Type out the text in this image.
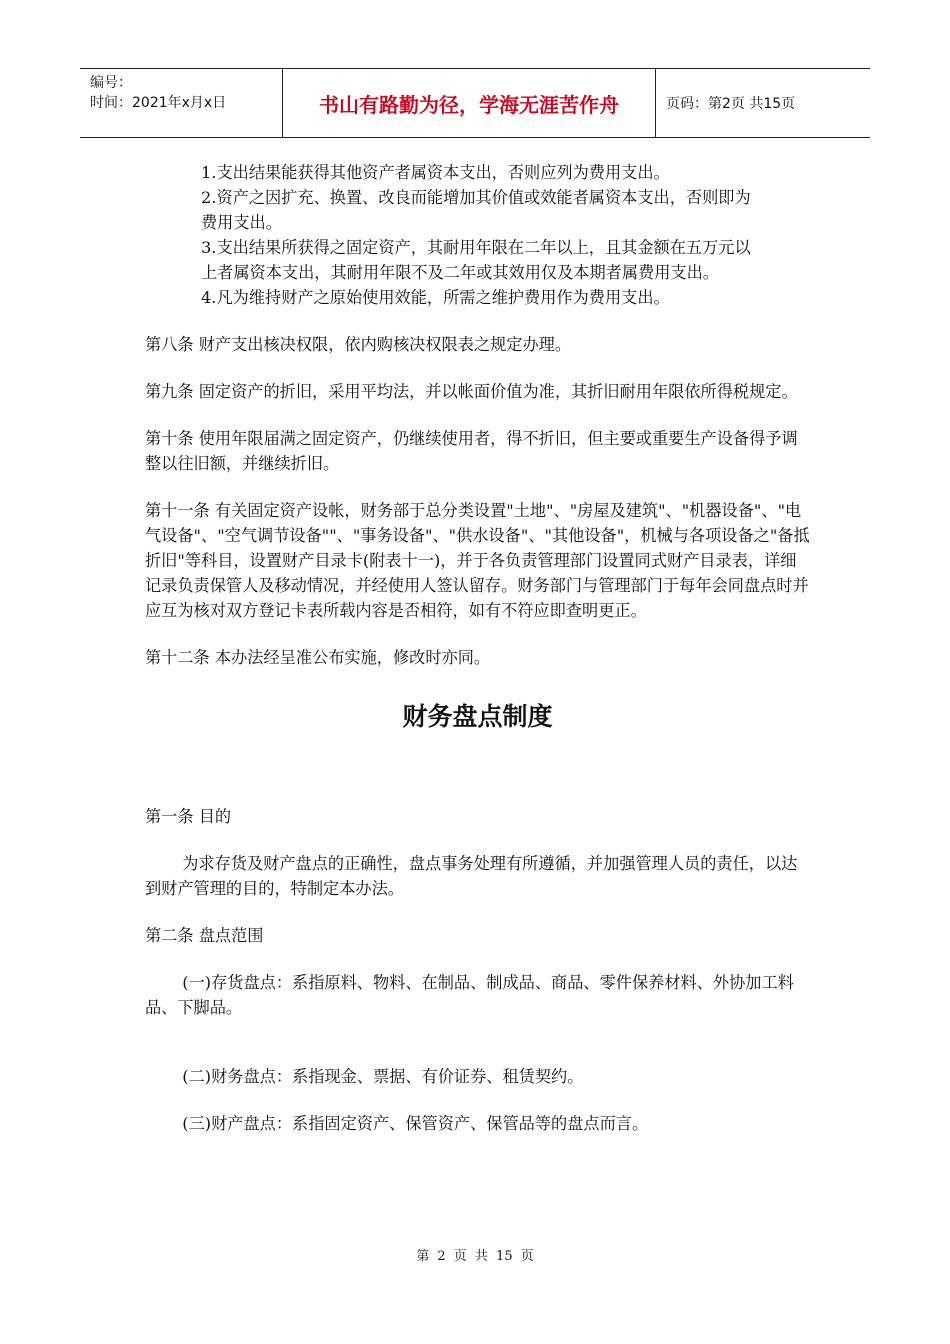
编号：
时间：2021年x月x日	书山有路勤为径，学海无涯苦作舟	页码：第2页 共15页

1.支出结果能获得其他资产者属资本支出，否则应列为费用支出。

2.资产之因扩充、换置、改良而能增加其价值或效能者属资本支出，否则即为费用支出。

3.支出结果所获得之固定资产，其耐用年限在二年以上，且其金额在五万元以上者属资本支出，其耐用年限不及二年或其效用仅及本期者属费用支出。

4.凡为维持财产之原始使用效能，所需之维护费用作为费用支出。

第八条 财产支出核决权限，依内购核决权限表之规定办理。

第九条 固定资产的折旧，采用平均法，并以帐面价值为准，其折旧耐用年限依所得税规定。

第十条 使用年限届满之固定资产，仍继续使用者，得不折旧，但主要或重要生产设备得予调整以往旧额，并继续折旧。

第十一条 有关固定资产设帐，财务部于总分类设置"土地"、"房屋及建筑"、"机器设备"、"电气设备"、"空气调节设备""、"事务设备"、"供水设备"、"其他设备"，机械与各项设备之"备抵折旧"等科目，设置财产目录卡(附表十一)，并于各负责管理部门设置同式财产目录表，详细记录负责保管人及移动情况，并经使用人签认留存。财务部门与管理部门于每年会同盘点时并应互为核对双方登记卡表所载内容是否相符，如有不符应即查明更正。

第十二条 本办法经呈准公布实施，修改时亦同。

财务盘点制度

第一条 目的

为求存货及财产盘点的正确性，盘点事务处理有所遵循，并加强管理人员的责任，以达到财产管理的目的，特制定本办法。

第二条 盘点范围

(一)存货盘点：系指原料、物料、在制品、制成品、商品、零件保养材料、外协加工料品、下脚品。

(二)财务盘点：系指现金、票据、有价证券、租赁契约。

(三)财产盘点：系指固定资产、保管资产、保管品等的盘点而言。

第 2 页 共 15 页
